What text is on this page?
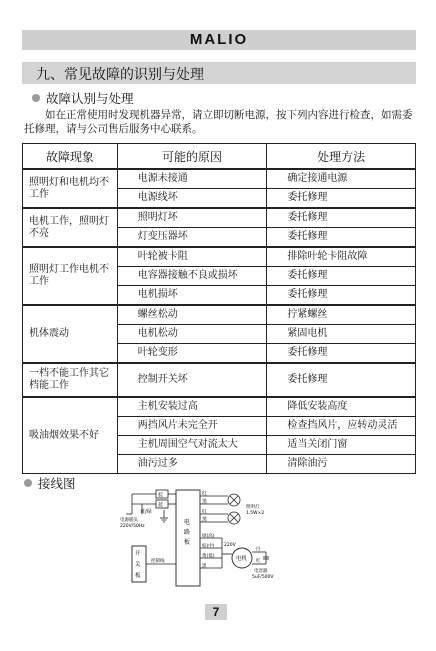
MALIO
九、常见故障的识别与处理
故障认别与处理

如在正常使用时发现机器异常，请立即切断电源，按下列内容进行检查，如需委托修理，请与公司售后服务中心联系。

故障现象	可能的原因	处理方法
照明灯和电机均不工作	电源未接通	确定接通电源
	电源线坏	委托修理
电机工作，照明灯不亮	照明灯坏	委托修理
	灯变压器坏	委托修理
照明灯工作电机不工作	叶轮被卡阻	排除叶轮卡阻故障
	电容器接触不良或损坏	委托修理
	电机损坏	委托修理
机体震动	螺丝松动	拧紧螺丝
	电机松动	紧固电机
	叶轮变形	委托修理
一档不能工作其它档能工作	控制开关坏	委托修理
吸油烟效果不好	主机安装过高	降低安装高度
	两挡风片未完全开	检查挡风片，应转动灵活
	主机周围空气对流太大	适当关闭门窗
	油污过多	清除油污
接线图
棕
蓝
黄/绿
电源插头
220V/50Hz
电
路
板
红
黑
红
黑
照明灯
1.5W×2
绿(高)
棕(中)
黄(低)
黑
220V
电机
白
红
电容器
5uF/500V
开
关
板
控制线
7
